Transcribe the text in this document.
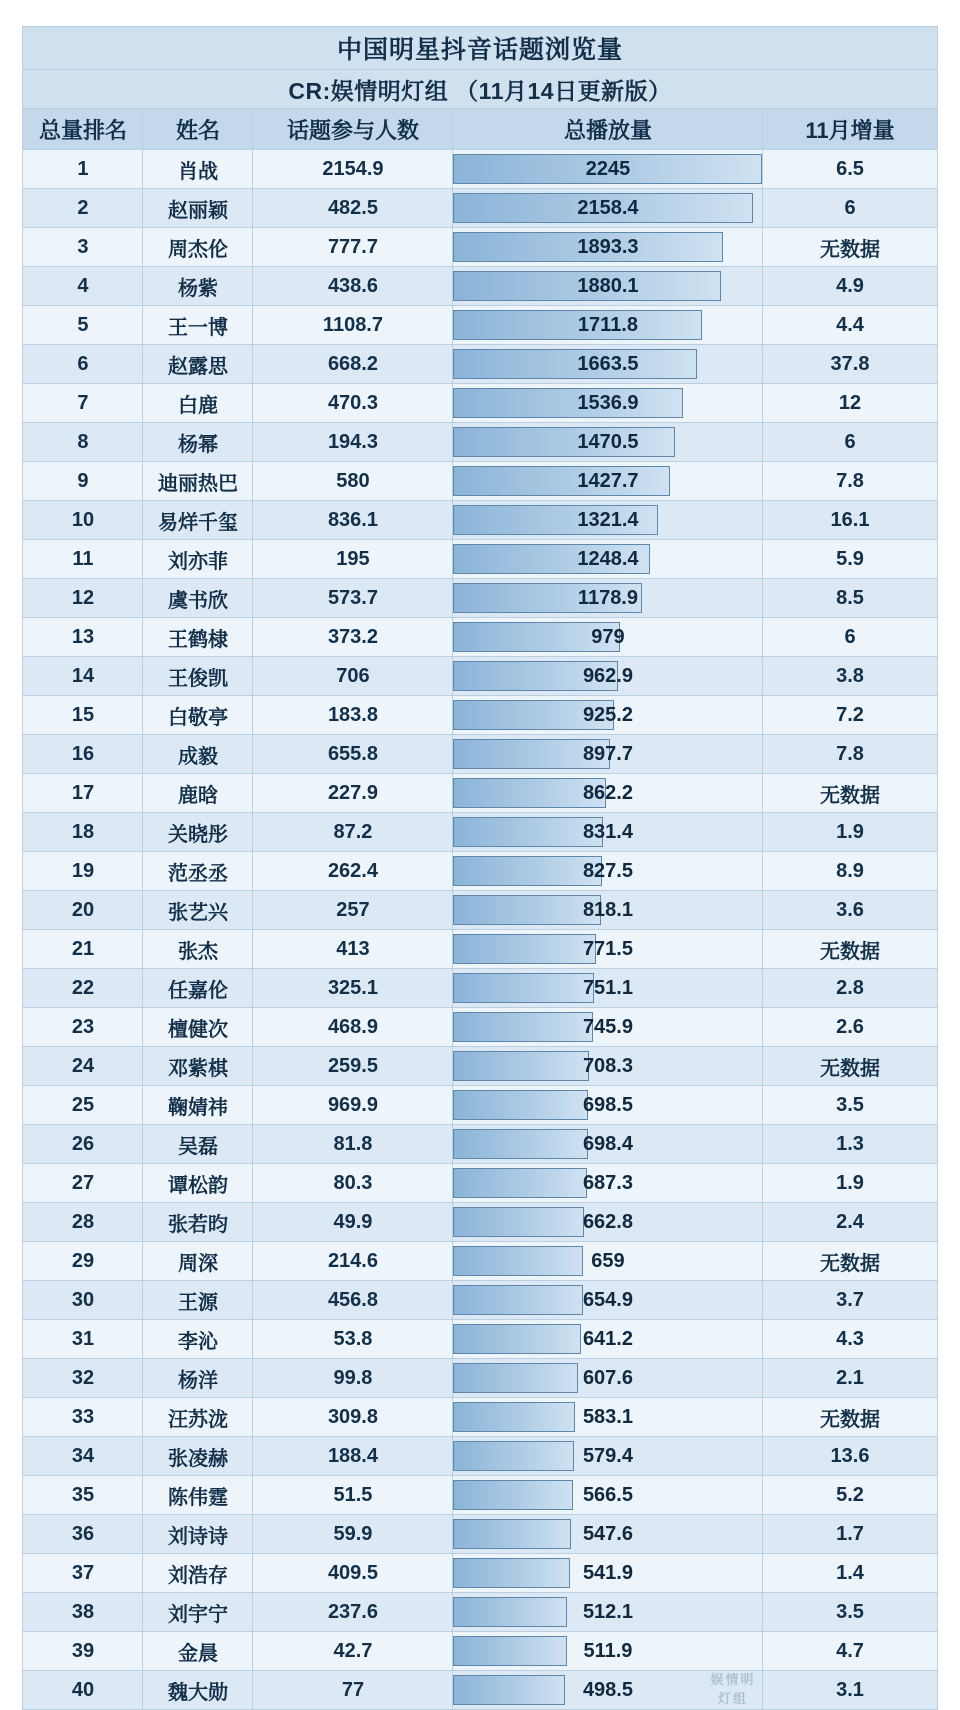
中国明星抖音话题浏览量				
CR:娱情明灯组 （11月14日更新版）				
总量排名	姓名	话题参与人数	总播放量	11月增量
1	肖战	2154.9	2245	6.5
2	赵丽颖	482.5	2158.4	6
3	周杰伦	777.7	1893.3	无数据
4	杨紫	438.6	1880.1	4.9
5	王一博	1108.7	1711.8	4.4
6	赵露思	668.2	1663.5	37.8
7	白鹿	470.3	1536.9	12
8	杨幂	194.3	1470.5	6
9	迪丽热巴	580	1427.7	7.8
10	易烊千玺	836.1	1321.4	16.1
11	刘亦菲	195	1248.4	5.9
12	虞书欣	573.7	1178.9	8.5
13	王鹤棣	373.2	979	6
14	王俊凯	706	962.9	3.8
15	白敬亭	183.8	925.2	7.2
16	成毅	655.8	897.7	7.8
17	鹿晗	227.9	862.2	无数据
18	关晓彤	87.2	831.4	1.9
19	范丞丞	262.4	827.5	8.9
20	张艺兴	257	818.1	3.6
21	张杰	413	771.5	无数据
22	任嘉伦	325.1	751.1	2.8
23	檀健次	468.9	745.9	2.6
24	邓紫棋	259.5	708.3	无数据
25	鞠婧祎	969.9	698.5	3.5
26	吴磊	81.8	698.4	1.3
27	谭松韵	80.3	687.3	1.9
28	张若昀	49.9	662.8	2.4
29	周深	214.6	659	无数据
30	王源	456.8	654.9	3.7
31	李沁	53.8	641.2	4.3
32	杨洋	99.8	607.6	2.1
33	汪苏泷	309.8	583.1	无数据
34	张凌赫	188.4	579.4	13.6
35	陈伟霆	51.5	566.5	5.2
36	刘诗诗	59.9	547.6	1.7
37	刘浩存	409.5	541.9	1.4
38	刘宇宁	237.6	512.1	3.5
39	金晨	42.7	511.9	4.7
40	魏大勋	77	498.5 娱情明灯组	3.1
